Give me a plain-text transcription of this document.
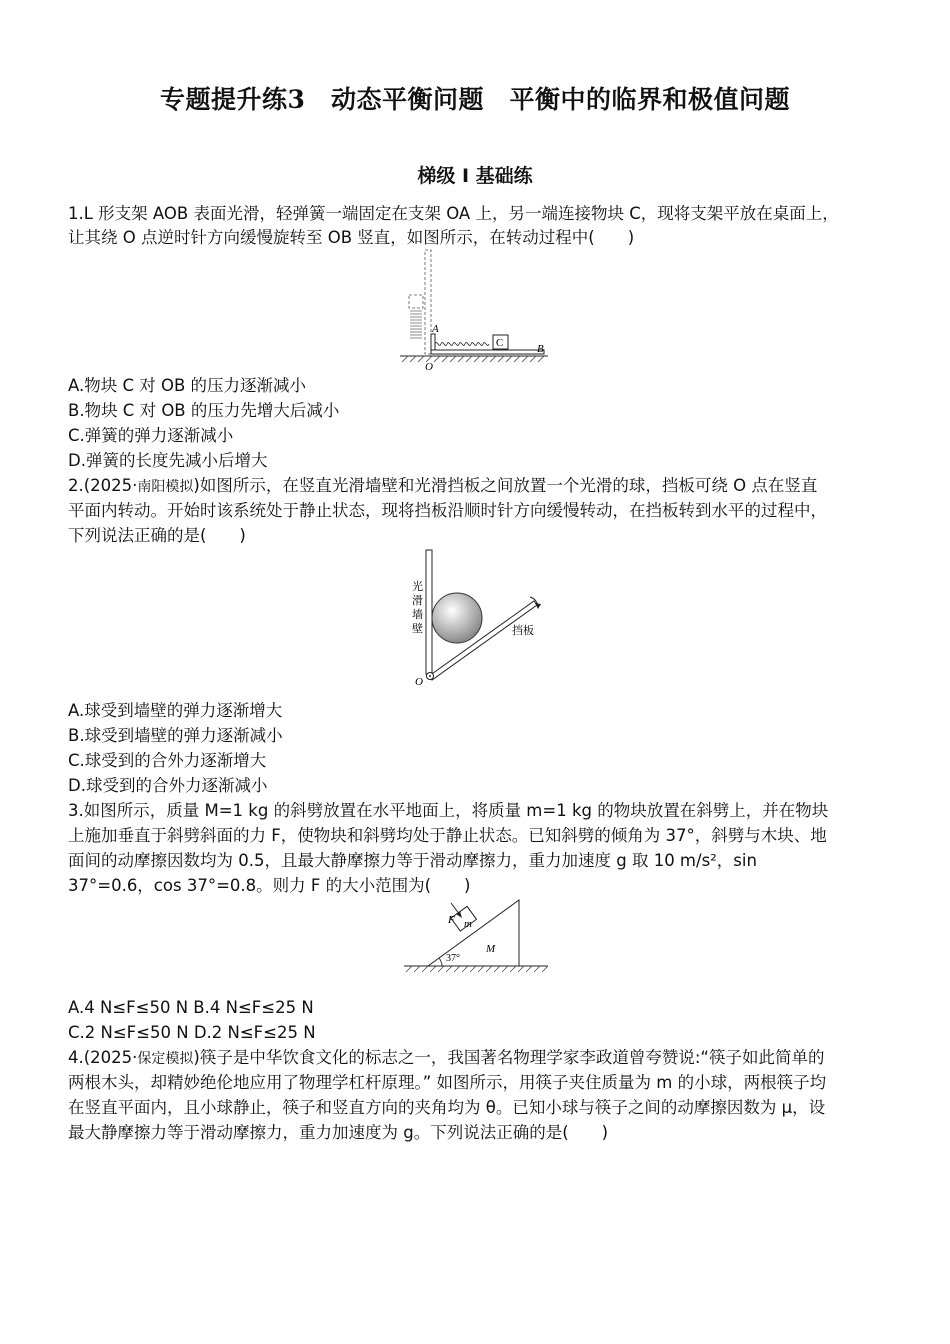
专题提升练3　动态平衡问题　平衡中的临界和极值问题
梯级 Ⅰ 基础练
1.L 形支架 AOB 表面光滑，轻弹簧一端固定在支架 OA 上，另一端连接物块 C，现将支架平放在桌面上，
让其绕 O 点逆时针方向缓慢旋转至 OB 竖直，如图所示，在转动过程中(　　)
C
A
B
O
A.物块 C 对 OB 的压力逐渐减小
B.物块 C 对 OB 的压力先增大后减小
C.弹簧的弹力逐渐减小
D.弹簧的长度先减小后增大
2.(2025·南阳模拟)如图所示，在竖直光滑墙壁和光滑挡板之间放置一个光滑的球，挡板可绕 O 点在竖直
平面内转动。开始时该系统处于静止状态，现将挡板沿顺时针方向缓慢转动，在挡板转到水平的过程中，
下列说法正确的是(　　)
光
滑
墙
壁	挡板
O
A.球受到墙壁的弹力逐渐增大
B.球受到墙壁的弹力逐渐减小
C.球受到的合外力逐渐增大
D.球受到的合外力逐渐减小
3.如图所示，质量 M=1 kg 的斜劈放置在水平地面上，将质量 m=1 kg 的物块放置在斜劈上，并在物块
上施加垂直于斜劈斜面的力 F，使物块和斜劈均处于静止状态。已知斜劈的倾角为 37°，斜劈与木块、地
面间的动摩擦因数均为 0.5，且最大静摩擦力等于滑动摩擦力，重力加速度 g 取 10 m/s²，sin
37°=0.6，cos 37°=0.8。则力 F 的大小范围为(　　)
m
F
M
37°
A.4 N≤F≤50 N B.4 N≤F≤25 N
C.2 N≤F≤50 N D.2 N≤F≤25 N
4.(2025·保定模拟)筷子是中华饮食文化的标志之一，我国著名物理学家李政道曾夸赞说:“筷子如此简单的
两根木头，却精妙绝伦地应用了物理学杠杆原理。” 如图所示，用筷子夹住质量为 m 的小球，两根筷子均
在竖直平面内，且小球静止，筷子和竖直方向的夹角均为 θ。已知小球与筷子之间的动摩擦因数为 μ，设
最大静摩擦力等于滑动摩擦力，重力加速度为 g。下列说法正确的是(　　)
